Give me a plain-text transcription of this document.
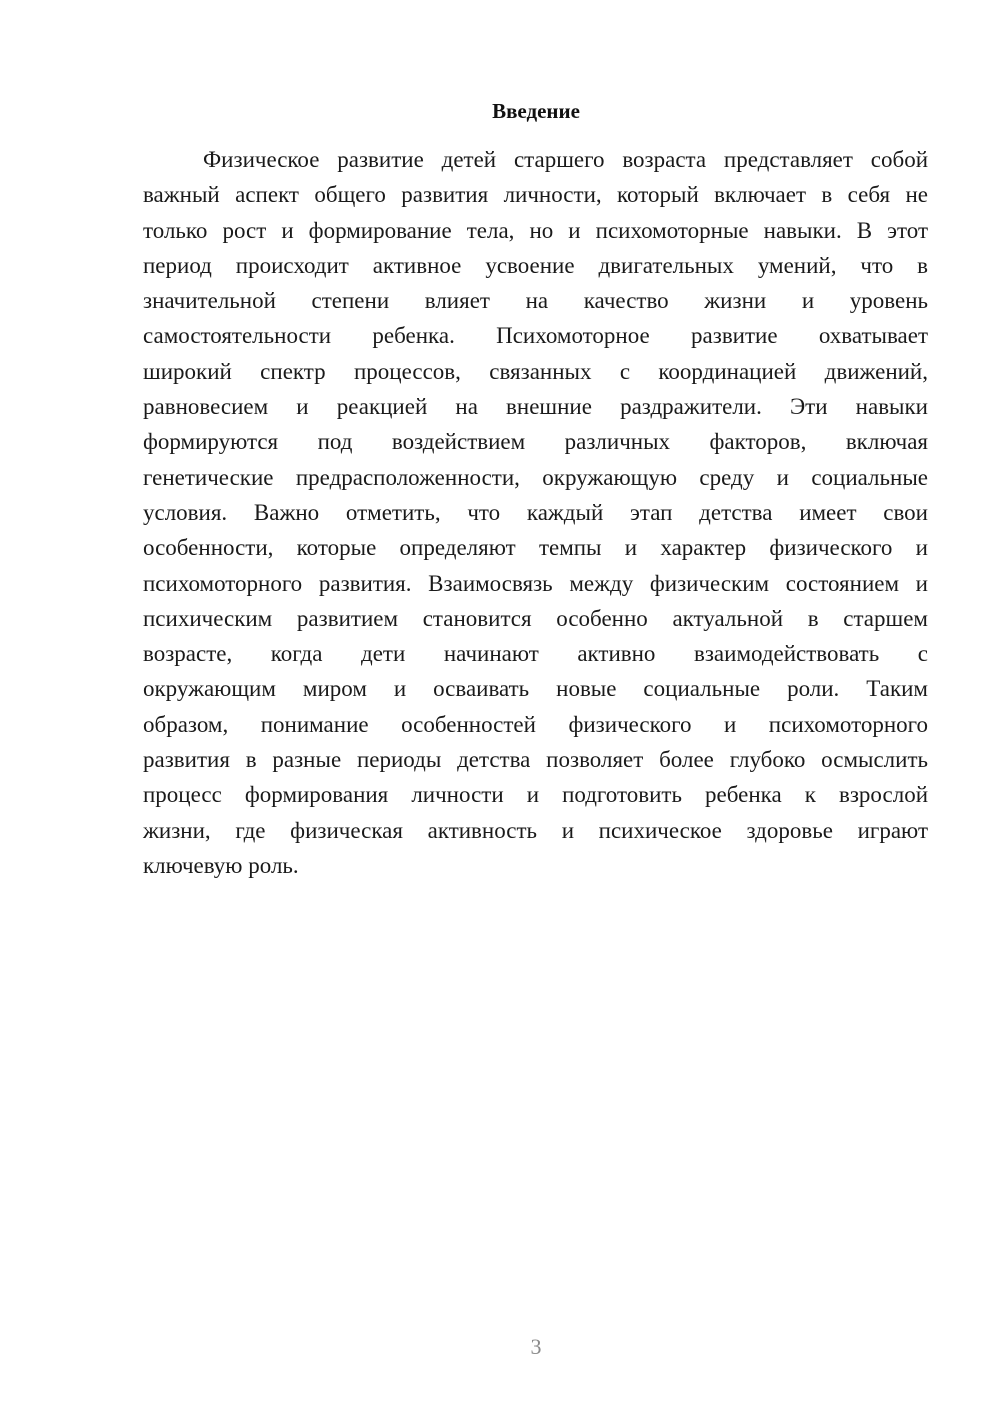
Введение
Физическое развитие детей старшего возраста представляет собой
важный аспект общего развития личности, который включает в себя не
только рост и формирование тела, но и психомоторные навыки. В этот
период происходит активное усвоение двигательных умений, что в
значительной степени влияет на качество жизни и уровень
самостоятельности ребенка. Психомоторное развитие охватывает
широкий спектр процессов, связанных с координацией движений,
равновесием и реакцией на внешние раздражители. Эти навыки
формируются под воздействием различных факторов, включая
генетические предрасположенности, окружающую среду и социальные
условия. Важно отметить, что каждый этап детства имеет свои
особенности, которые определяют темпы и характер физического и
психомоторного развития. Взаимосвязь между физическим состоянием и
психическим развитием становится особенно актуальной в старшем
возрасте, когда дети начинают активно взаимодействовать с
окружающим миром и осваивать новые социальные роли. Таким
образом, понимание особенностей физического и психомоторного
развития в разные периоды детства позволяет более глубоко осмыслить
процесс формирования личности и подготовить ребенка к взрослой
жизни, где физическая активность и психическое здоровье играют
ключевую роль.
3
